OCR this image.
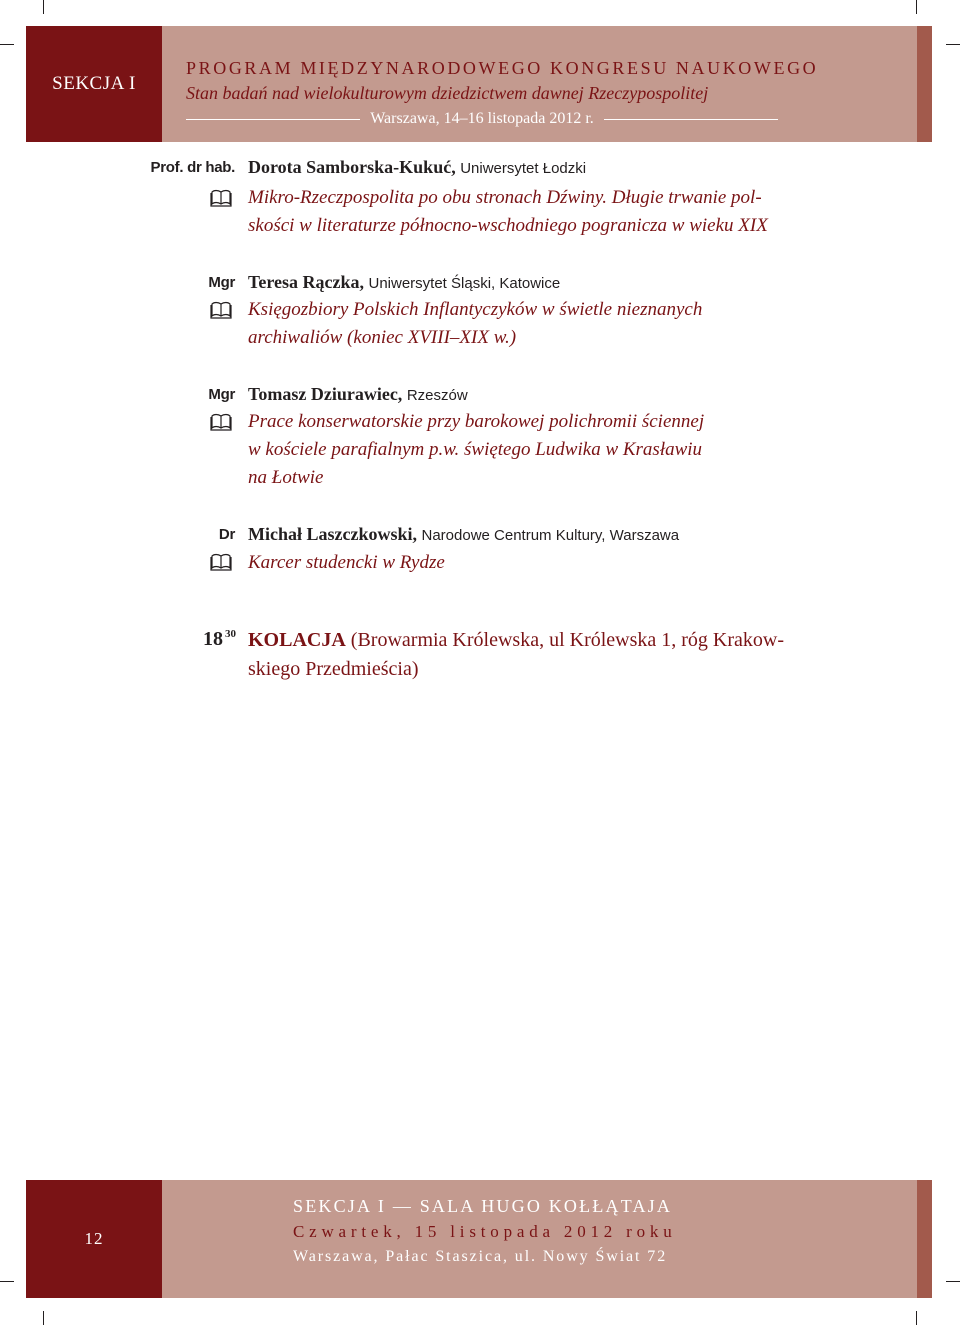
SEKCJA I
PROGRAM MIĘDZYNARODOWEGO KONGRESU NAUKOWEGO
Stan badań nad wielokulturowym dziedzictwem dawnej Rzeczypospolitej
Warszawa, 14–16 listopada 2012 r.
Prof. dr hab. Dorota Samborska-Kukuć, Uniwersytet Łodzki
Mikro-Rzeczpospolita po obu stronach Dźwiny. Długie trwanie pol-
skości w literaturze północno-wschodniego pogranicza w wieku XIX
Mgr Teresa Rączka, Uniwersytet Śląski, Katowice
Księgozbiory Polskich Inflantyczyków w świetle nieznanych
archiwaliów (koniec XVIII–XIX w.)
Mgr Tomasz Dziurawiec, Rzeszów
Prace konserwatorskie przy barokowej polichromii ściennej
w kościele parafialnym p.w. świętego Ludwika w Krasławiu
na Łotwie
Dr Michał Laszczkowski, Narodowe Centrum Kultury, Warszawa
Karcer studencki w Rydze
18 $^{30}$ KOLACJA (Browarmia Królewska, ul Królewska 1, róg Krakow-
skiego Przedmieścia)
12
SEKCJA I — SALA HUGO KOŁŁĄTAJA
Czwartek, 15 listopada 2012 roku
Warszawa, Pałac Staszica, ul. Nowy Świat 72
